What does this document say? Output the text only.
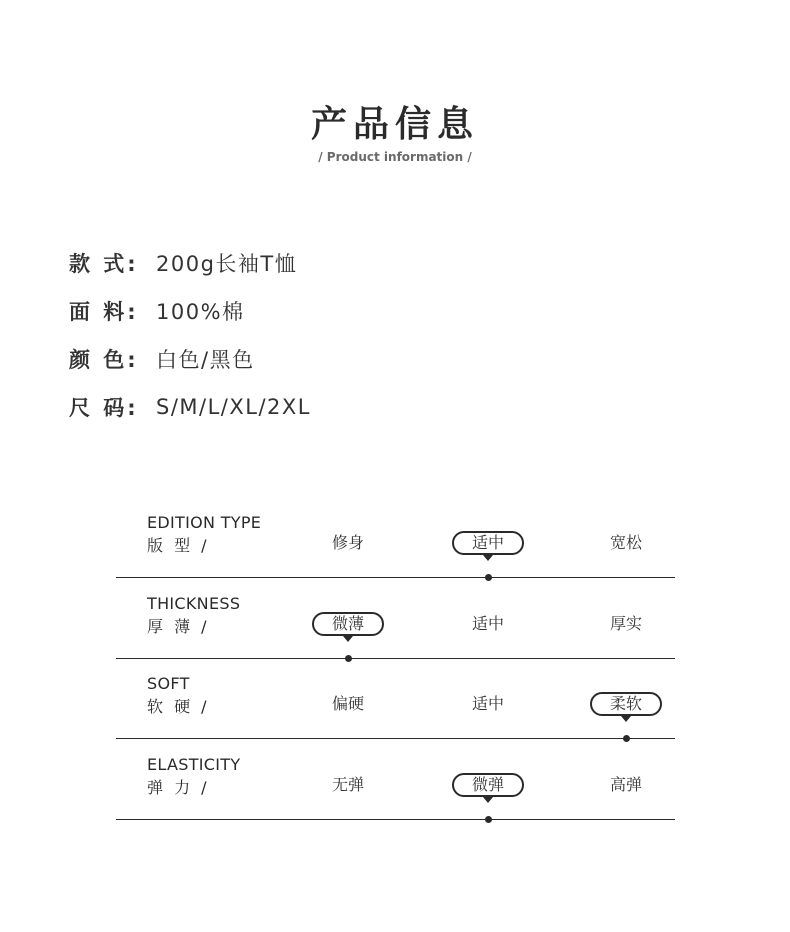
产品信息
/ Product information /
款 式: 200g长袖T恤
面 料: 100%棉
颜 色: 白色/黑色
尺 码: S/M/L/XL/2XL
EDITION TYPE
版 型 /	修身	适中	宽松
THICKNESS
厚 薄 /	微薄	适中	厚实
SOFT
软 硬 /	偏硬	适中	柔软
ELASTICITY
弹 力 /	无弹	微弹	高弹
